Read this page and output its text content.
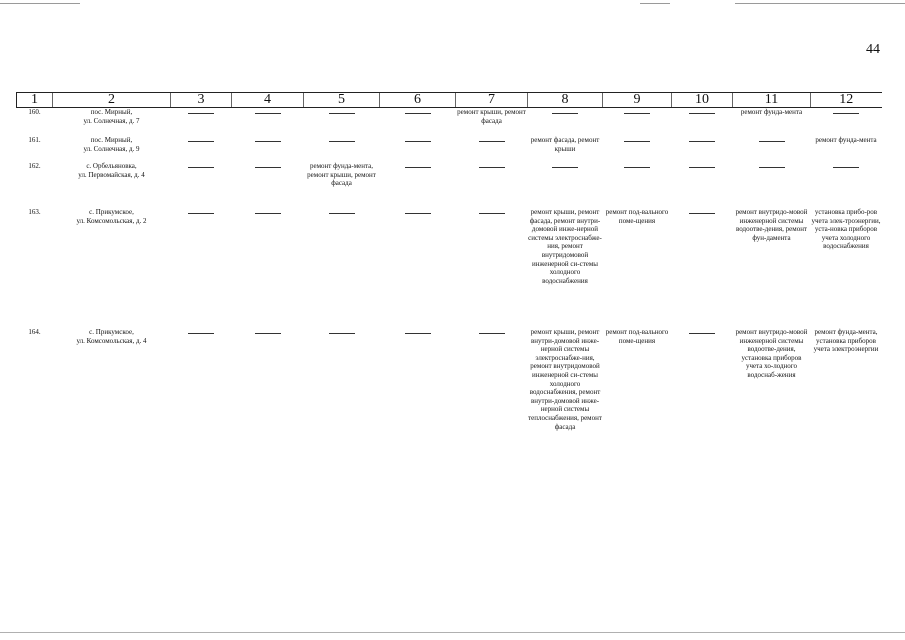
44
1	2	3	4	5	6	7	8	9	10	11	12
160.	пос. Мирный,
ул. Солнечная, д. 7					ремонт крыши, ремонт фасада				ремонт фунда-мента	

161.	пос. Мирный,
ул. Солнечная, д. 9						ремонт фасада, ремонт крыши				ремонт фунда-мента

162.	с. Орбельяновка,
ул. Первомайская, д. 4			ремонт фунда-мента, ремонт крыши, ремонт фасада							

163.	с. Прикумское,
ул. Комсомольская, д. 2						ремонт крыши, ремонт фасада, ремонт внутри-домовой инже-нерной системы электроснабже-ния, ремонт внутридомовой инженерной си-стемы холодного водоснабжения	ремонт под-вального поме-щения		ремонт внутридо-мовой инженерной системы водоотве-дения, ремонт фун-дамента	установка прибо-ров учета элек-троэнергии, уста-новка приборов учета холодного водоснабжения

164.	с. Прикумское,
ул. Комсомольская, д. 4						ремонт крыши, ремонт внутри-домовой инже-нерной системы электроснабже-ния, ремонт внутридомовой инженерной си-стемы холодного водоснабжения, ремонт внутри-домовой инже-нерной системы теплоснабжения, ремонт фасада	ремонт под-вального поме-щения		ремонт внутридо-мовой инженерной системы водоотве-дения, установка приборов учета хо-лодного водоснаб-жения	ремонт фунда-мента, установка приборов учета электроэнергии
